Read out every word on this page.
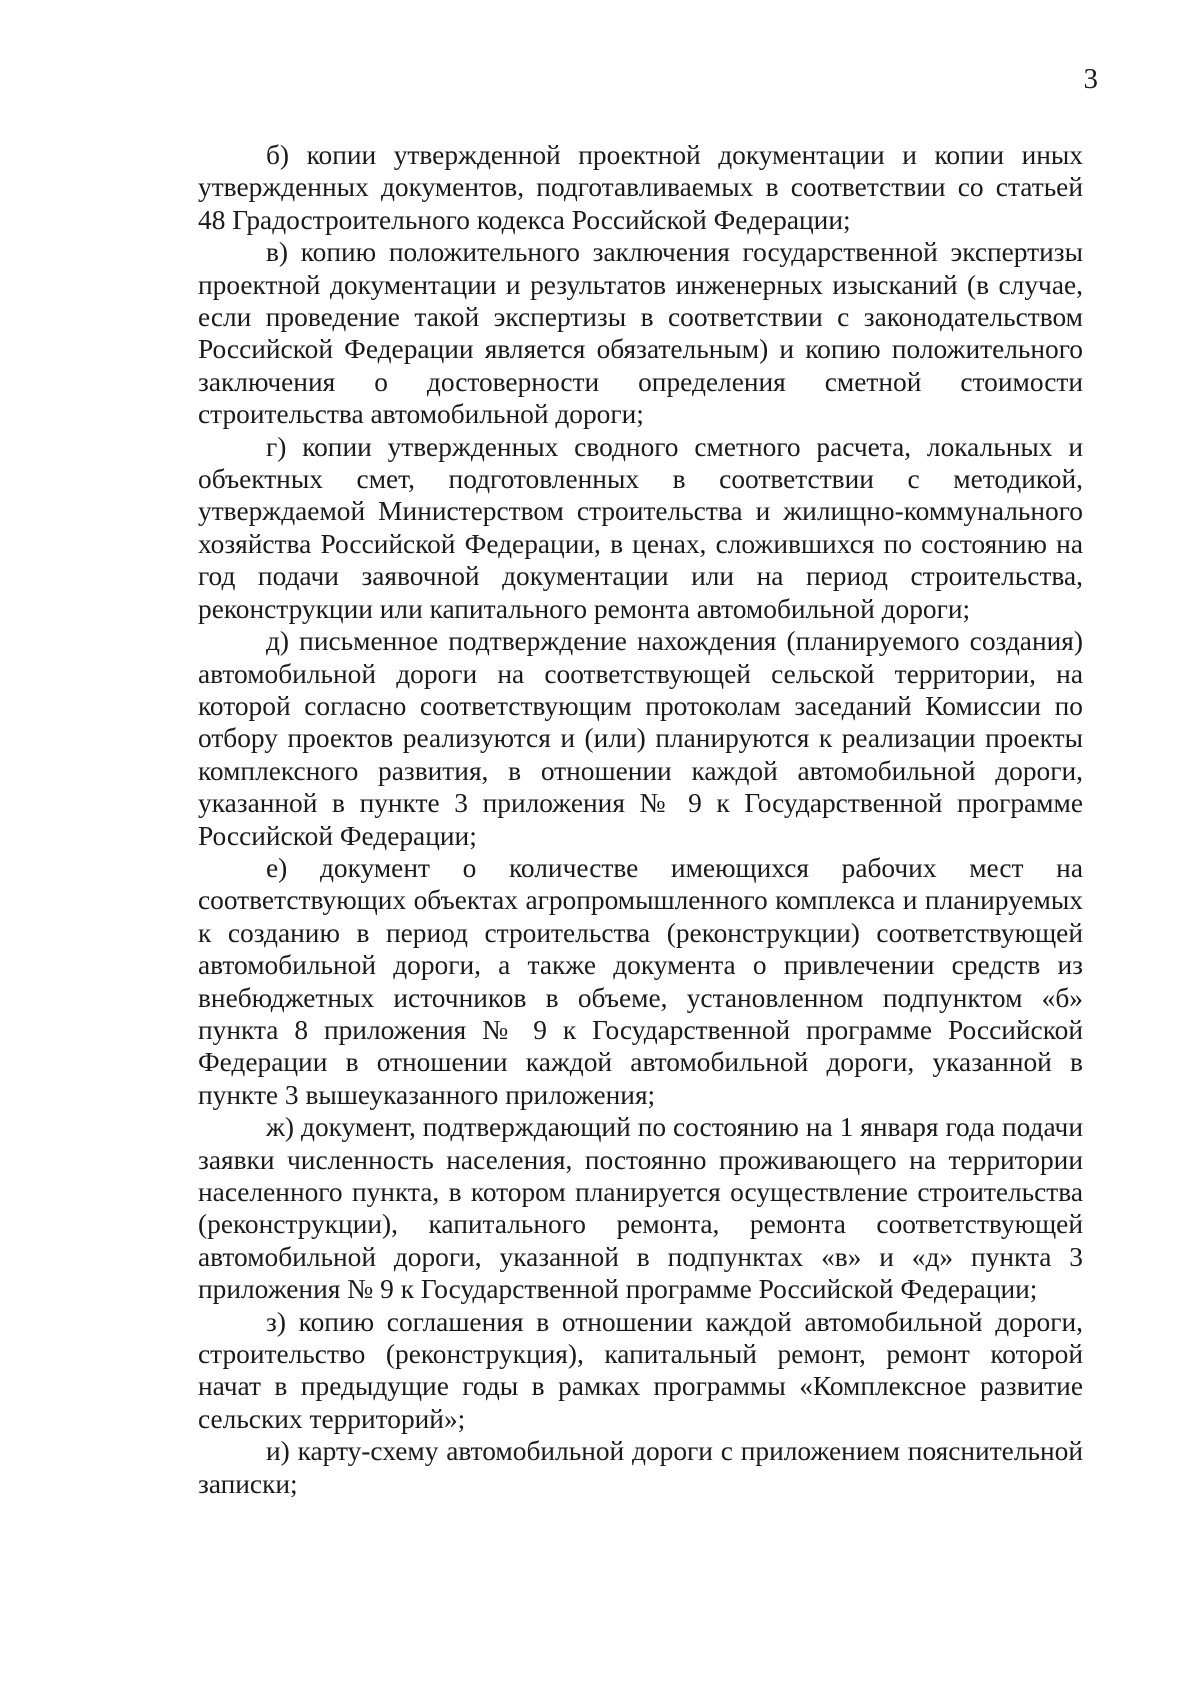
3

б) копии утвержденной проектной документации и копии иных утвержденных документов, подготавливаемых в соответствии со статьей 48 Градостроительного кодекса Российской Федерации;

в) копию положительного заключения государственной экспертизы проектной документации и результатов инженерных изысканий (в случае, если проведение такой экспертизы в соответствии с законодательством Российской Федерации является обязательным) и копию положительного заключения о достоверности определения сметной стоимости строительства автомобильной дороги;

г) копии утвержденных сводного сметного расчета, локальных и объектных смет, подготовленных в соответствии с методикой, утверждаемой Министерством строительства и жилищно-коммунального хозяйства Российской Федерации, в ценах, сложившихся по состоянию на год подачи заявочной документации или на период строительства, реконструкции или капитального ремонта автомобильной дороги;

д) письменное подтверждение нахождения (планируемого создания) автомобильной дороги на соответствующей сельской территории, на которой согласно соответствующим протоколам заседаний Комиссии по отбору проектов реализуются и (или) планируются к реализации проекты комплексного развития, в отношении каждой автомобильной дороги, указанной в пункте 3 приложения № 9 к Государственной программе Российской Федерации;

е) документ о количестве имеющихся рабочих мест на соответствующих объектах агропромышленного комплекса и планируемых к созданию в период строительства (реконструкции) соответствующей автомобильной дороги, а также документа о привлечении средств из внебюджетных источников в объеме, установленном подпунктом «б» пункта 8 приложения № 9 к Государственной программе Российской Федерации в отношении каждой автомобильной дороги, указанной в пункте 3 вышеуказанного приложения;

ж) документ, подтверждающий по состоянию на 1 января года подачи заявки численность населения, постоянно проживающего на территории населенного пункта, в котором планируется осуществление строительства (реконструкции), капитального ремонта, ремонта соответствующей автомобильной дороги, указанной в подпунктах «в» и «д» пункта 3 приложения № 9 к Государственной программе Российской Федерации;

з) копию соглашения в отношении каждой автомобильной дороги, строительство (реконструкция), капитальный ремонт, ремонт которой начат в предыдущие годы в рамках программы «Комплексное развитие сельских территорий»;

и) карту-схему автомобильной дороги с приложением пояснительной записки;
